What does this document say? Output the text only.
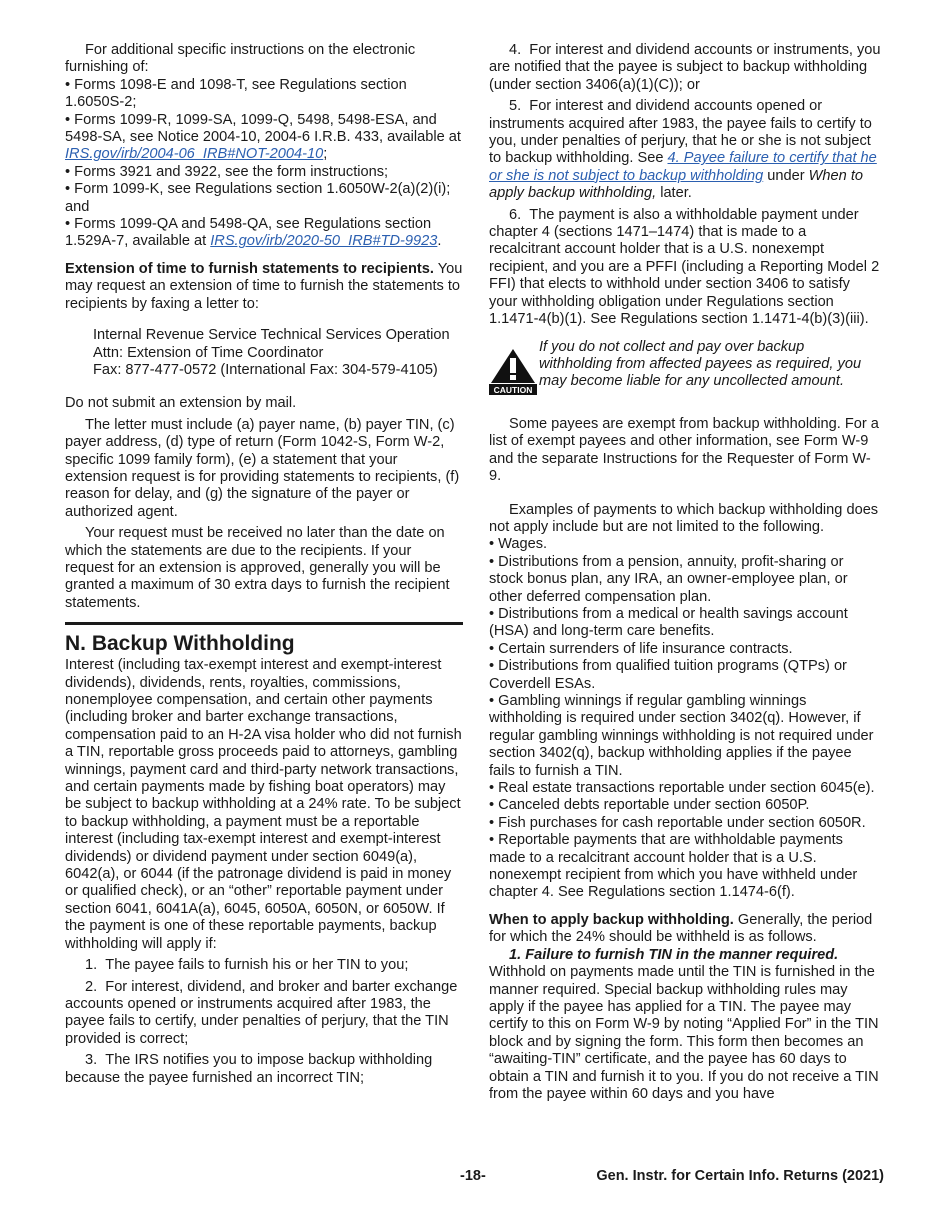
For additional specific instructions on the electronic furnishing of:

• Forms 1098-E and 1098-T, see Regulations section 1.6050S-2;

• Forms 1099-R, 1099-SA, 1099-Q, 5498, 5498-ESA, and 5498-SA, see Notice 2004-10, 2004-6 I.R.B. 433, available at IRS.gov/irb/2004-06_IRB#NOT-2004-10;

• Forms 3921 and 3922, see the form instructions;

• Form 1099-K, see Regulations section 1.6050W-2(a)(2)(i); and

• Forms 1099-QA and 5498-QA, see Regulations section 1.529A-7, available at IRS.gov/irb/2020-50_IRB#TD-9923.

Extension of time to furnish statements to recipients. You may request an extension of time to furnish the statements to recipients by faxing a letter to:

Internal Revenue Service Technical Services Operation

Attn: Extension of Time Coordinator

Fax: 877-477-0572 (International Fax: 304-579-4105)

Do not submit an extension by mail.

The letter must include (a) payer name, (b) payer TIN, (c) payer address, (d) type of return (Form 1042-S, Form W-2, specific 1099 family form), (e) a statement that your extension request is for providing statements to recipients, (f) reason for delay, and (g) the signature of the payer or authorized agent.

Your request must be received no later than the date on which the statements are due to the recipients. If your request for an extension is approved, generally you will be granted a maximum of 30 extra days to furnish the recipient statements.

N. Backup Withholding

Interest (including tax-exempt interest and exempt-interest dividends), dividends, rents, royalties, commissions, nonemployee compensation, and certain other payments (including broker and barter exchange transactions, compensation paid to an H-2A visa holder who did not furnish a TIN, reportable gross proceeds paid to attorneys, gambling winnings, payment card and third-party network transactions, and certain payments made by fishing boat operators) may be subject to backup withholding at a 24% rate. To be subject to backup withholding, a payment must be a reportable interest (including tax-exempt interest and exempt-interest dividends) or dividend payment under section 6049(a), 6042(a), or 6044 (if the patronage dividend is paid in money or qualified check), or an “other” reportable payment under section 6041, 6041A(a), 6045, 6050A, 6050N, or 6050W. If the payment is one of these reportable payments, backup withholding will apply if:

1.  The payee fails to furnish his or her TIN to you;

2.  For interest, dividend, and broker and barter exchange accounts opened or instruments acquired after 1983, the payee fails to certify, under penalties of perjury, that the TIN provided is correct;

3.  The IRS notifies you to impose backup withholding because the payee furnished an incorrect TIN;

4.  For interest and dividend accounts or instruments, you are notified that the payee is subject to backup withholding (under section 3406(a)(1)(C)); or

5.  For interest and dividend accounts opened or instruments acquired after 1983, the payee fails to certify to you, under penalties of perjury, that he or she is not subject to backup withholding. See 4. Payee failure to certify that he or she is not subject to backup withholding under When to apply backup withholding, later.

6.  The payment is also a withholdable payment under chapter 4 (sections 1471–1474) that is made to a recalcitrant account holder that is a U.S. nonexempt recipient, and you are a PFFI (including a Reporting Model 2 FFI) that elects to withhold under section 3406 to satisfy your withholding obligation under Regulations section 1.1471-4(b)(1). See Regulations section 1.1471-4(b)(3)(iii).

CAUTION

If you do not collect and pay over backup withholding from affected payees as required, you may become liable for any uncollected amount.

Some payees are exempt from backup withholding. For a list of exempt payees and other information, see Form W-9 and the separate Instructions for the Requester of Form W-9.

Examples of payments to which backup withholding does not apply include but are not limited to the following.

• Wages.

• Distributions from a pension, annuity, profit-sharing or stock bonus plan, any IRA, an owner-employee plan, or other deferred compensation plan.

• Distributions from a medical or health savings account (HSA) and long-term care benefits.

• Certain surrenders of life insurance contracts.

• Distributions from qualified tuition programs (QTPs) or Coverdell ESAs.

• Gambling winnings if regular gambling winnings withholding is required under section 3402(q). However, if regular gambling winnings withholding is not required under section 3402(q), backup withholding applies if the payee fails to furnish a TIN.

• Real estate transactions reportable under section 6045(e).

• Canceled debts reportable under section 6050P.

• Fish purchases for cash reportable under section 6050R.

• Reportable payments that are withholdable payments made to a recalcitrant account holder that is a U.S. nonexempt recipient from which you have withheld under chapter 4. See Regulations section 1.1474-6(f).

When to apply backup withholding. Generally, the period for which the 24% should be withheld is as follows.

1. Failure to furnish TIN in the manner required.

Withhold on payments made until the TIN is furnished in the manner required. Special backup withholding rules may apply if the payee has applied for a TIN. The payee may certify to this on Form W-9 by noting “Applied For” in the TIN block and by signing the form. This form then becomes an “awaiting-TIN” certificate, and the payee has 60 days to obtain a TIN and furnish it to you. If you do not receive a TIN from the payee within 60 days and you have

-18-	Gen. Instr. for Certain Info. Returns (2021)
